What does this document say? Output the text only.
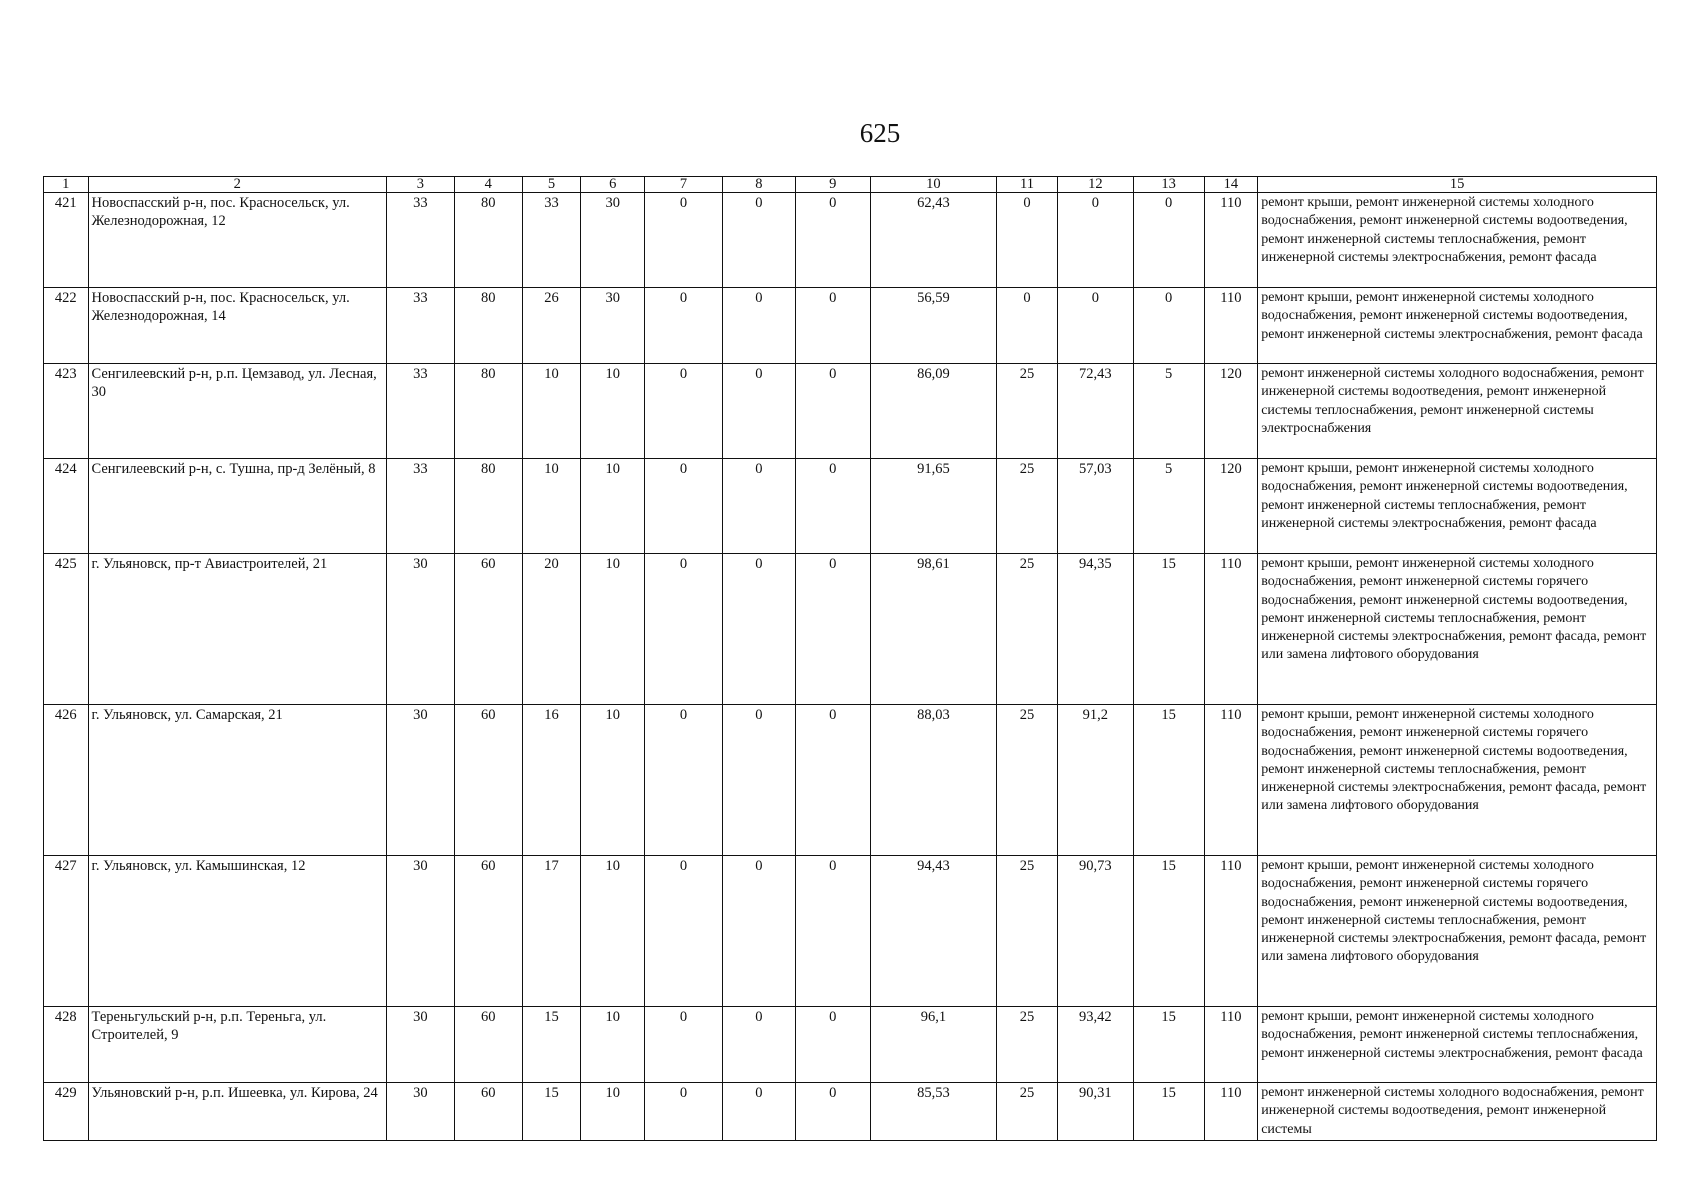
625
1	2	3	4	5	6	7	8	9	10	11	12	13	14	15
421	Новоспасский р-н, пос. Красносельск, ул. Железнодорожная, 12	33	80	33	30	0	0	0	62,43	0	0	0	110	ремонт крыши, ремонт инженерной системы холодного водоснабжения, ремонт инженерной системы водоотведения, ремонт инженерной системы теплоснабжения, ремонт инженерной системы электроснабжения, ремонт фасада
422	Новоспасский р-н, пос. Красносельск, ул. Железнодорожная, 14	33	80	26	30	0	0	0	56,59	0	0	0	110	ремонт крыши, ремонт инженерной системы холодного водоснабжения, ремонт инженерной системы водоотведения, ремонт инженерной системы электроснабжения, ремонт фасада
423	Сенгилеевский р-н, р.п. Цемзавод, ул. Лесная, 30	33	80	10	10	0	0	0	86,09	25	72,43	5	120	ремонт инженерной системы холодного водоснабжения, ремонт инженерной системы водоотведения, ремонт инженерной системы теплоснабжения, ремонт инженерной системы электроснабжения
424	Сенгилеевский р-н, с. Тушна, пр-д Зелёный, 8	33	80	10	10	0	0	0	91,65	25	57,03	5	120	ремонт крыши, ремонт инженерной системы холодного водоснабжения, ремонт инженерной системы водоотведения, ремонт инженерной системы теплоснабжения, ремонт инженерной системы электроснабжения, ремонт фасада
425	г. Ульяновск, пр-т Авиастроителей, 21	30	60	20	10	0	0	0	98,61	25	94,35	15	110	ремонт крыши, ремонт инженерной системы холодного водоснабжения, ремонт инженерной системы горячего водоснабжения, ремонт инженерной системы водоотведения, ремонт инженерной системы теплоснабжения, ремонт инженерной системы электроснабжения, ремонт фасада, ремонт или замена лифтового оборудования
426	г. Ульяновск, ул. Самарская, 21	30	60	16	10	0	0	0	88,03	25	91,2	15	110	ремонт крыши, ремонт инженерной системы холодного водоснабжения, ремонт инженерной системы горячего водоснабжения, ремонт инженерной системы водоотведения, ремонт инженерной системы теплоснабжения, ремонт инженерной системы электроснабжения, ремонт фасада, ремонт или замена лифтового оборудования
427	г. Ульяновск, ул. Камышинская, 12	30	60	17	10	0	0	0	94,43	25	90,73	15	110	ремонт крыши, ремонт инженерной системы холодного водоснабжения, ремонт инженерной системы горячего водоснабжения, ремонт инженерной системы водоотведения, ремонт инженерной системы теплоснабжения, ремонт инженерной системы электроснабжения, ремонт фасада, ремонт или замена лифтового оборудования
428	Тереньгульский р-н, р.п. Тереньга, ул. Строителей, 9	30	60	15	10	0	0	0	96,1	25	93,42	15	110	ремонт крыши, ремонт инженерной системы холодного водоснабжения, ремонт инженерной системы теплоснабжения, ремонт инженерной системы электроснабжения, ремонт фасада
429	Ульяновский р-н, р.п. Ишеевка, ул. Кирова, 24	30	60	15	10	0	0	0	85,53	25	90,31	15	110	ремонт инженерной системы холодного водоснабжения, ремонт инженерной системы водоотведения, ремонт инженерной системы
